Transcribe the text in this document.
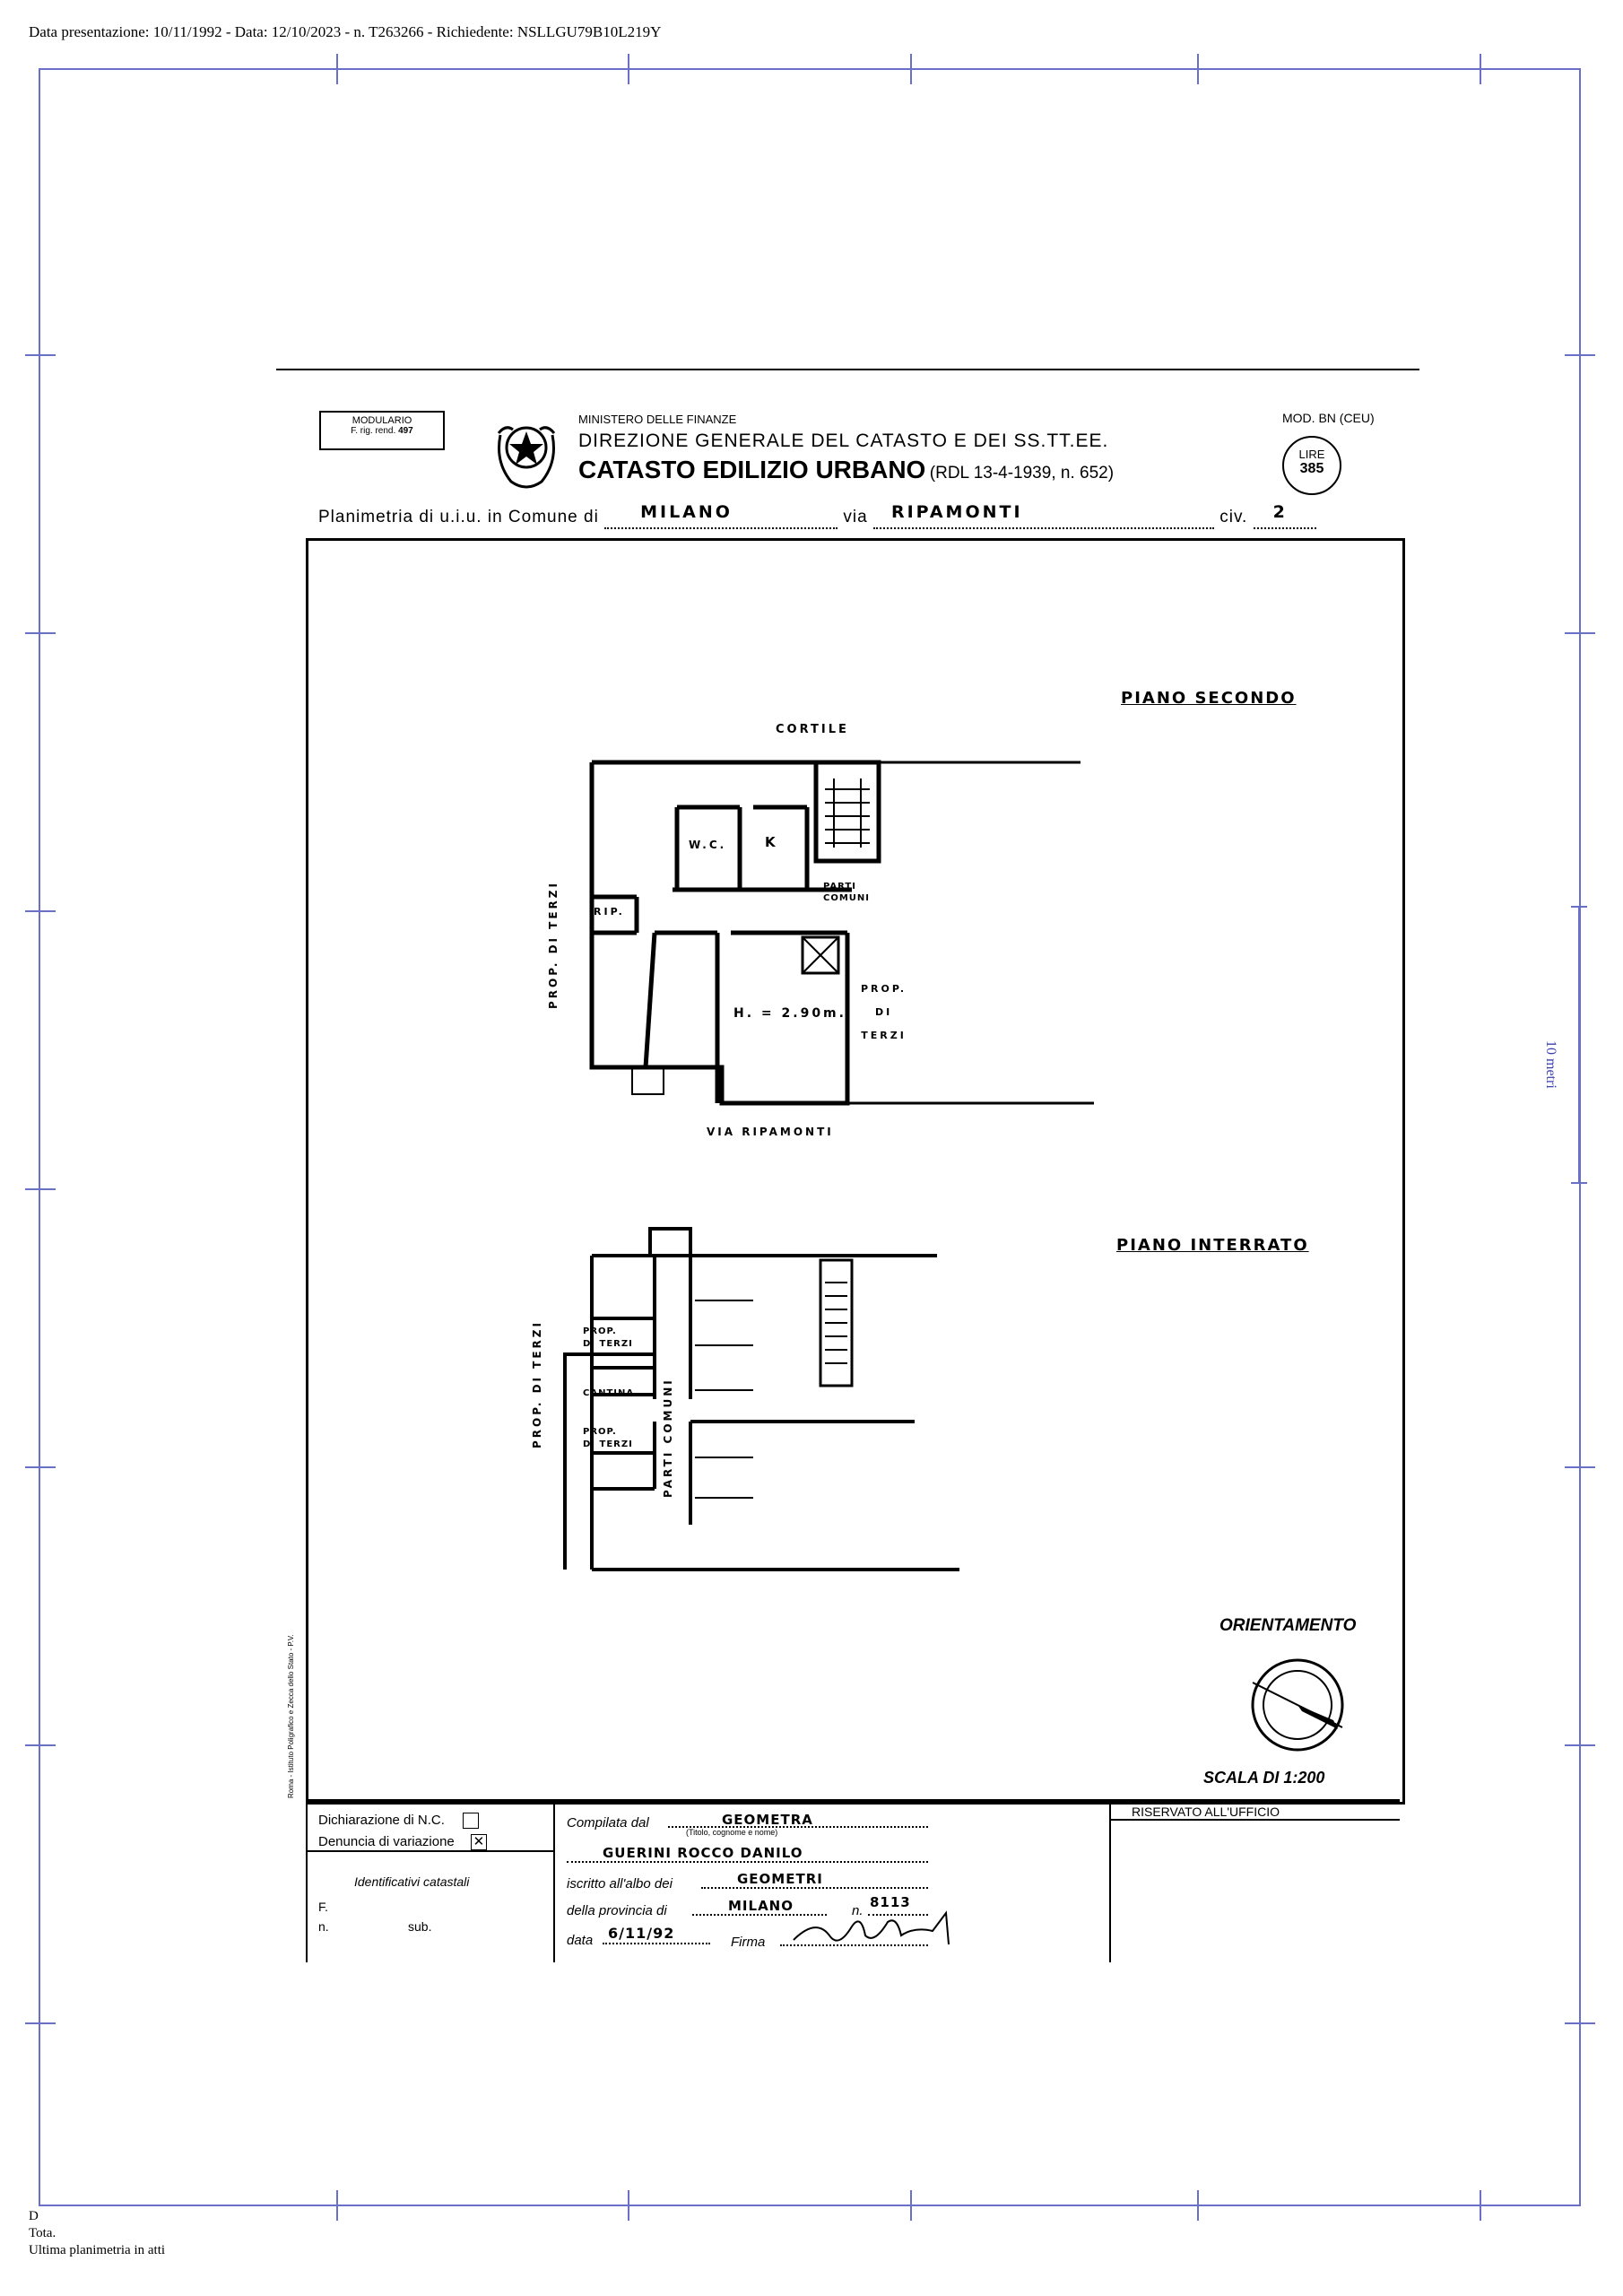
Data presentazione: 10/11/1992 - Data: 12/10/2023 - n. T263266 - Richiedente: NSLLGU79B10L219Y
10 metri
D
Tota.
Ultima planimetria in atti
MODULARIO
F. rig. rend. 497
MINISTERO DELLE FINANZE
DIREZIONE GENERALE DEL CATASTO E DEI SS.TT.EE.
CATASTO EDILIZIO URBANO (RDL 13-4-1939, n. 652)
MOD. BN (CEU)
LIRE
385
Planimetria di u.i.u. in Comune di MILANO	via RIPAMONTI	civ. 2

PIANO SECONDO
CORTILE
PROP. DI TERZI
W.C.	K
PARTI
COMUNI
RIP.
H. = 2.90m.
PROP.
DI
TERZI
VIA RIPAMONTI
PIANO INTERRATO
PROP. DI TERZI	PROP.
DI TERZI
CANTINA
PROP.
DI TERZI	PARTI COMUNI
ORIENTAMENTO
SCALA DI 1:200
Roma - Istituto Poligrafico e Zecca dello Stato - P.V.
Dichiarazione di N.C.
Denuncia di variazione ✕
Identificativi catastali
F.
n.	sub.
Compilata dal	GEOMETRA
(Titolo, cognome e nome)
GUERINI ROCCO DANILO
iscritto all'albo dei	GEOMETRI
della provincia di	MILANO	n.
8113
data 6/11/92
Firma
RISERVATO ALL'UFFICIO
